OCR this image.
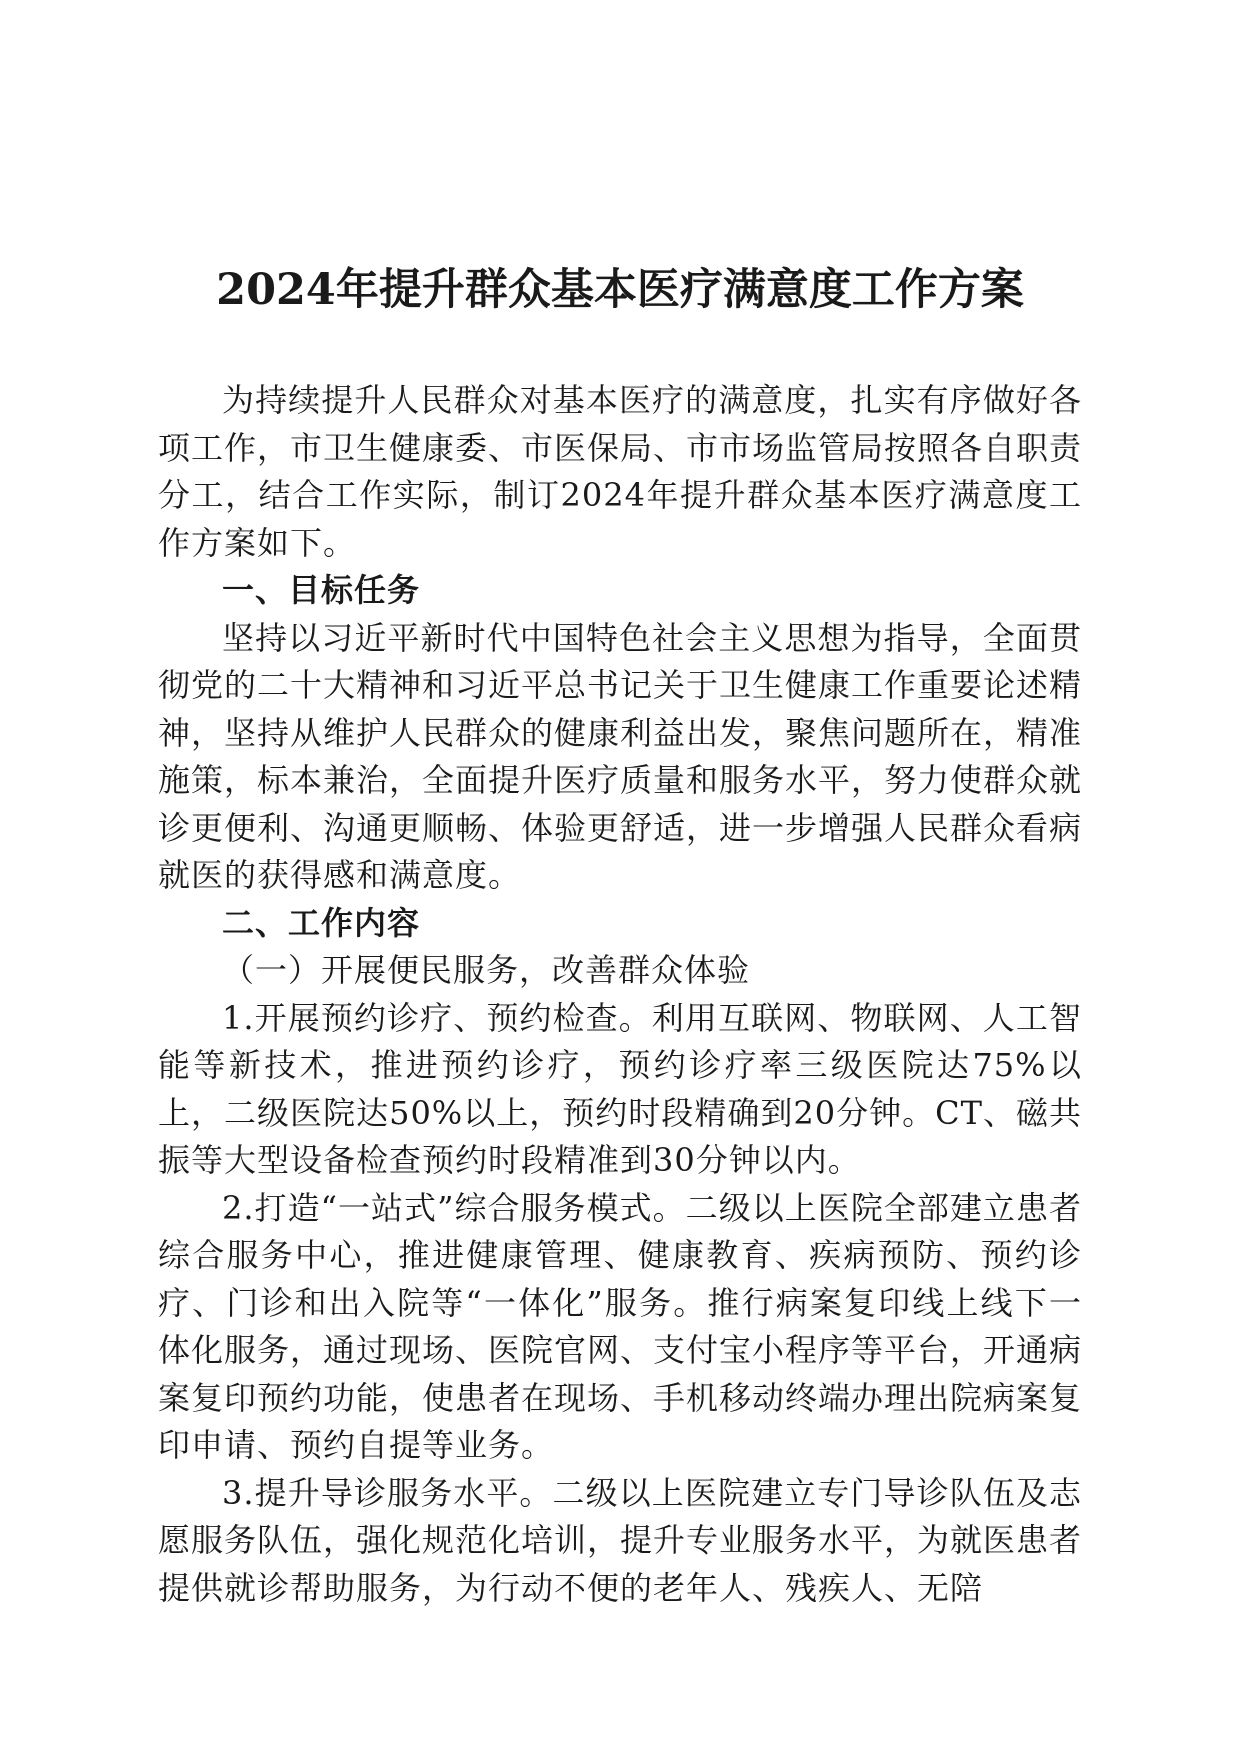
2024年提升群众基本医疗满意度工作方案

为持续提升人民群众对基本医疗的满意度，扎实有序做好各项工作，市卫生健康委、市医保局、市市场监管局按照各自职责分工，结合工作实际，制订2024年提升群众基本医疗满意度工作方案如下。

一、目标任务

坚持以习近平新时代中国特色社会主义思想为指导，全面贯彻党的二十大精神和习近平总书记关于卫生健康工作重要论述精神，坚持从维护人民群众的健康利益出发，聚焦问题所在，精准施策，标本兼治，全面提升医疗质量和服务水平，努力使群众就诊更便利、沟通更顺畅、体验更舒适，进一步增强人民群众看病就医的获得感和满意度。

二、工作内容

（一）开展便民服务，改善群众体验

1.开展预约诊疗、预约检查。利用互联网、物联网、人工智能等新技术，推进预约诊疗，预约诊疗率三级医院达75%以上，二级医院达50%以上，预约时段精确到20分钟。CT、磁共振等大型设备检查预约时段精准到30分钟以内。

2.打造“一站式”综合服务模式。二级以上医院全部建立患者综合服务中心，推进健康管理、健康教育、疾病预防、预约诊疗、门诊和出入院等“一体化”服务。推行病案复印线上线下一体化服务，通过现场、医院官网、支付宝小程序等平台，开通病案复印预约功能，使患者在现场、手机移动终端办理出院病案复印申请、预约自提等业务。

3.提升导诊服务水平。二级以上医院建立专门导诊队伍及志愿服务队伍，强化规范化培训，提升专业服务水平，为就医患者提供就诊帮助服务，为行动不便的老年人、残疾人、无陪
